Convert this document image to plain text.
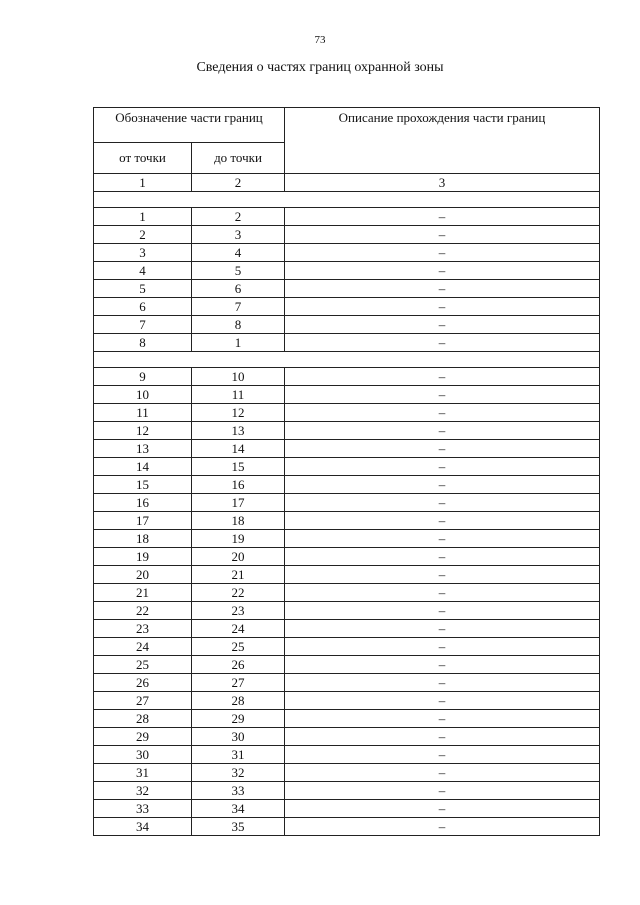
73
Сведения о частях границ охранной зоны
Обозначение части границ		Описание прохождения части границ
от точки	до точки	
1	2	3

1	2	–
2	3	–
3	4	–
4	5	–
5	6	–
6	7	–
7	8	–
8	1	–

9	10	–
10	11	–
11	12	–
12	13	–
13	14	–
14	15	–
15	16	–
16	17	–
17	18	–
18	19	–
19	20	–
20	21	–
21	22	–
22	23	–
23	24	–
24	25	–
25	26	–
26	27	–
27	28	–
28	29	–
29	30	–
30	31	–
31	32	–
32	33	–
33	34	–
34	35	–
